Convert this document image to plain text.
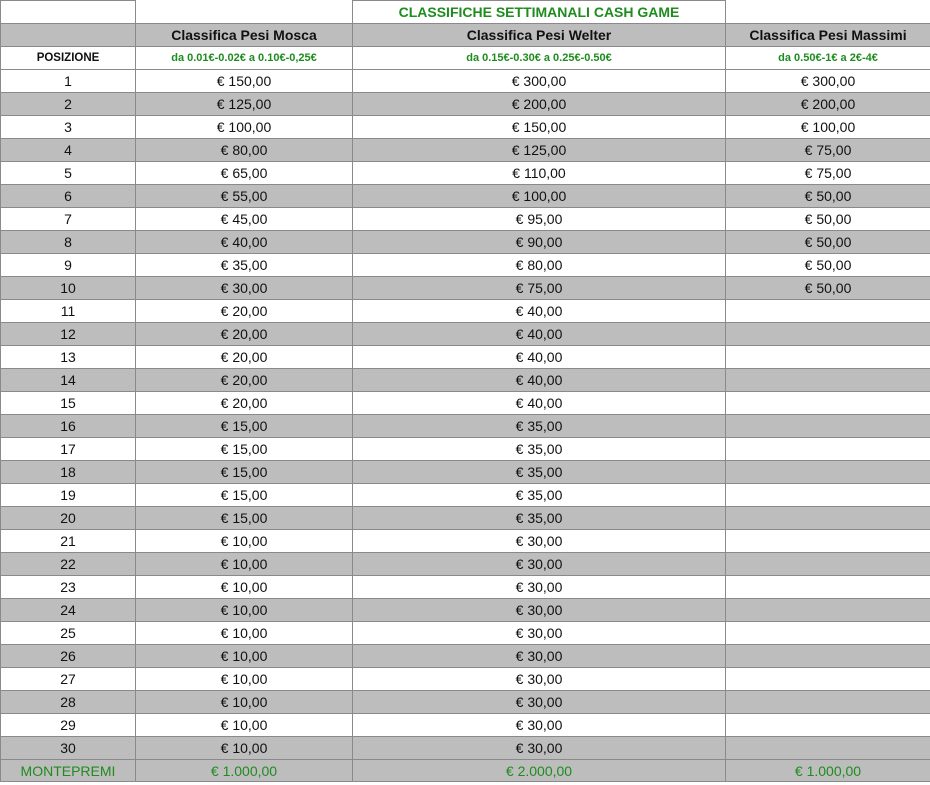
		CLASSIFICHE SETTIMANALI CASH GAME	
	Classifica Pesi Mosca	Classifica Pesi Welter	Classifica Pesi Massimi
POSIZIONE	da 0.01€-0.02€ a 0.10€-0,25€	da 0.15€-0.30€ a 0.25€-0.50€	da 0.50€-1€ a 2€-4€
1	€ 150,00	€ 300,00	€ 300,00
2	€ 125,00	€ 200,00	€ 200,00
3	€ 100,00	€ 150,00	€ 100,00
4	€ 80,00	€ 125,00	€ 75,00
5	€ 65,00	€ 110,00	€ 75,00
6	€ 55,00	€ 100,00	€ 50,00
7	€ 45,00	€ 95,00	€ 50,00
8	€ 40,00	€ 90,00	€ 50,00
9	€ 35,00	€ 80,00	€ 50,00
10	€ 30,00	€ 75,00	€ 50,00
11	€ 20,00	€ 40,00	
12	€ 20,00	€ 40,00	
13	€ 20,00	€ 40,00	
14	€ 20,00	€ 40,00	
15	€ 20,00	€ 40,00	
16	€ 15,00	€ 35,00	
17	€ 15,00	€ 35,00	
18	€ 15,00	€ 35,00	
19	€ 15,00	€ 35,00	
20	€ 15,00	€ 35,00	
21	€ 10,00	€ 30,00	
22	€ 10,00	€ 30,00	
23	€ 10,00	€ 30,00	
24	€ 10,00	€ 30,00	
25	€ 10,00	€ 30,00	
26	€ 10,00	€ 30,00	
27	€ 10,00	€ 30,00	
28	€ 10,00	€ 30,00	
29	€ 10,00	€ 30,00	
30	€ 10,00	€ 30,00	
MONTEPREMI	€ 1.000,00	€ 2.000,00	€ 1.000,00
